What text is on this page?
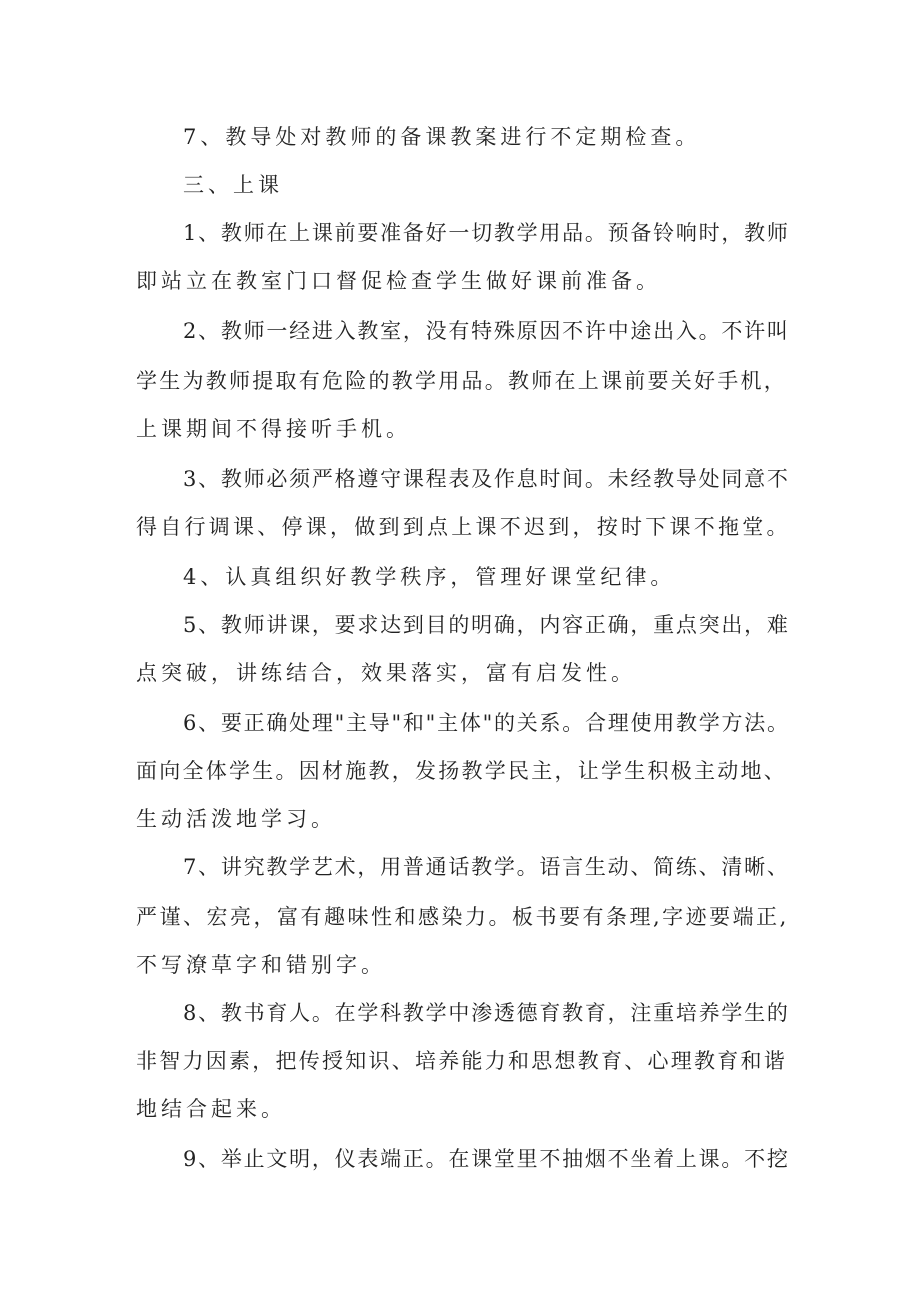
7、教导处对教师的备课教案进行不定期检查。
三、上课
1、教师在上课前要准备好一切教学用品。预备铃响时，教师
即站立在教室门口督促检查学生做好课前准备。
2、教师一经进入教室，没有特殊原因不许中途出入。不许叫
学生为教师提取有危险的教学用品。教师在上课前要关好手机，
上课期间不得接听手机。
3、教师必须严格遵守课程表及作息时间。未经教导处同意不
得自行调课、停课，做到到点上课不迟到，按时下课不拖堂。
4、认真组织好教学秩序，管理好课堂纪律。
5、教师讲课，要求达到目的明确，内容正确，重点突出，难
点突破，讲练结合，效果落实，富有启发性。
6、要正确处理"主导"和"主体"的关系。合理使用教学方法。
面向全体学生。因材施教，发扬教学民主，让学生积极主动地、
生动活泼地学习。
7、讲究教学艺术，用普通话教学。语言生动、简练、清晰、
严谨、宏亮，富有趣味性和感染力。板书要有条理,字迹要端正,
不写潦草字和错别字。
8、教书育人。在学科教学中渗透德育教育，注重培养学生的
非智力因素，把传授知识、培养能力和思想教育、心理教育和谐
地结合起来。
9、举止文明，仪表端正。在课堂里不抽烟不坐着上课。不挖
